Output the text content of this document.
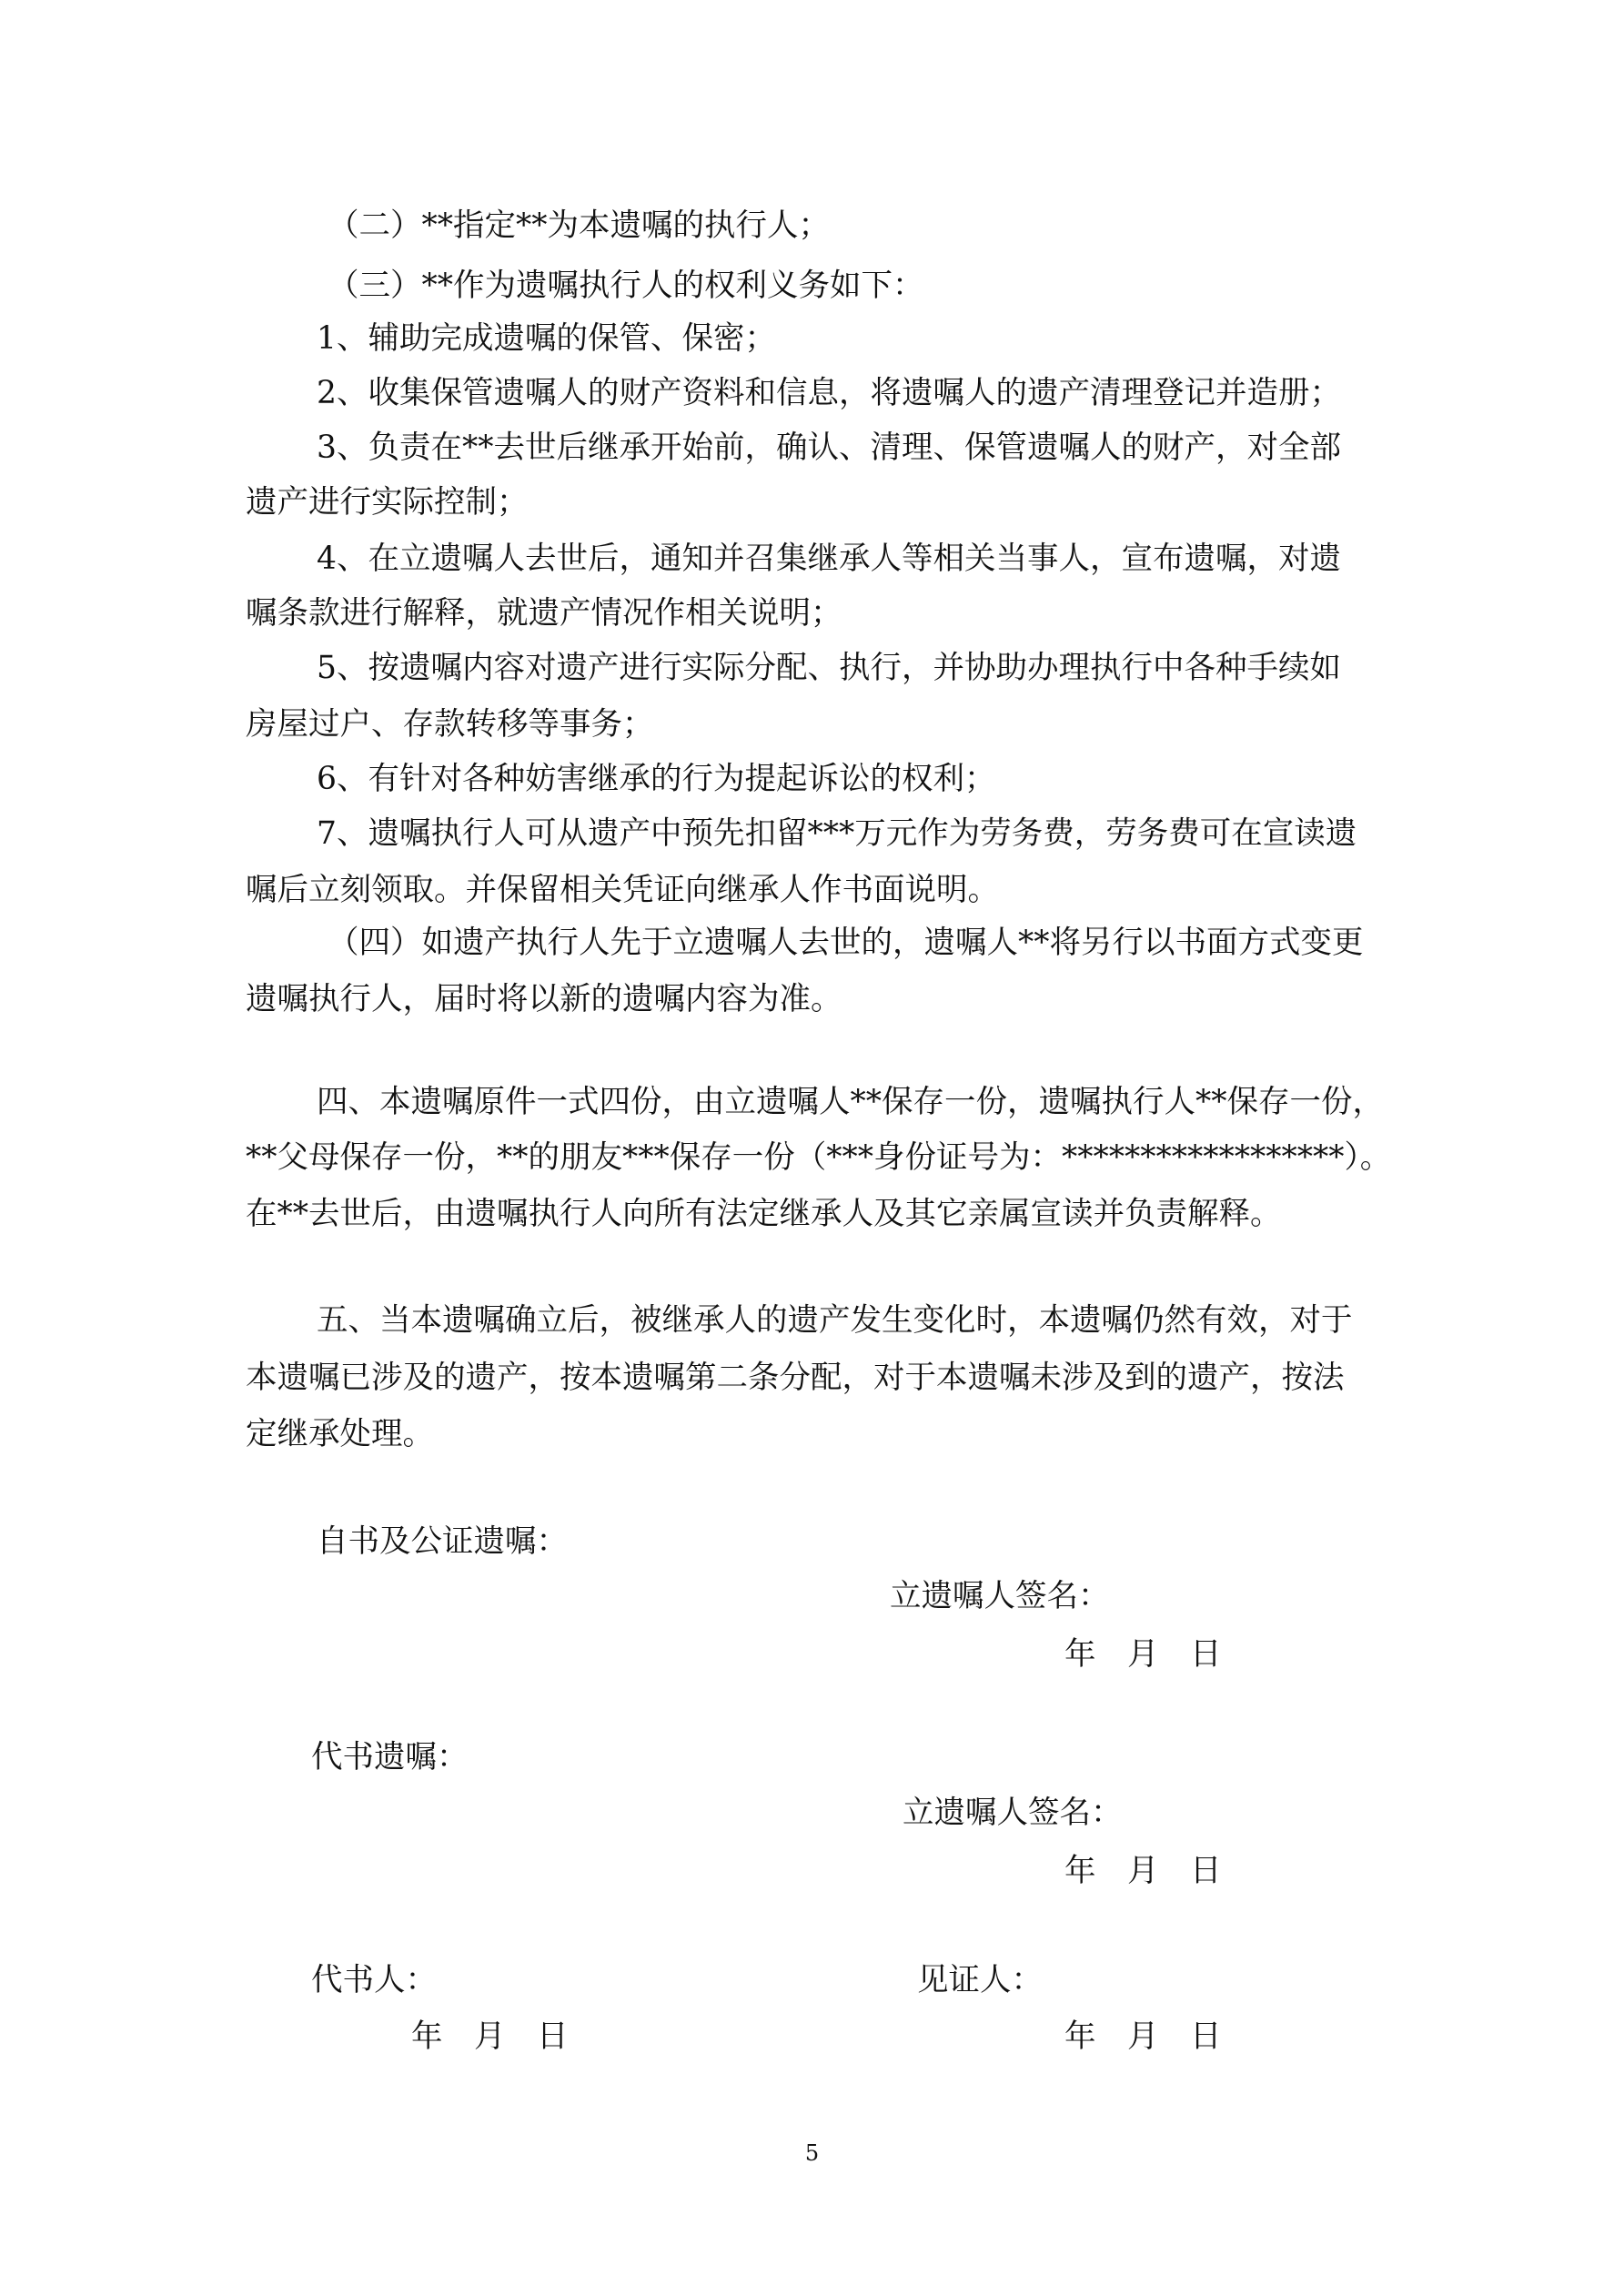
（二）**指定**为本遗嘱的执行人；
（三）**作为遗嘱执行人的权利义务如下：
1、辅助完成遗嘱的保管、保密；
2、收集保管遗嘱人的财产资料和信息，将遗嘱人的遗产清理登记并造册；
3、负责在**去世后继承开始前，确认、清理、保管遗嘱人的财产，对全部
遗产进行实际控制；
4、在立遗嘱人去世后，通知并召集继承人等相关当事人，宣布遗嘱，对遗
嘱条款进行解释，就遗产情况作相关说明；
5、按遗嘱内容对遗产进行实际分配、执行，并协助办理执行中各种手续如
房屋过户、存款转移等事务；
6、有针对各种妨害继承的行为提起诉讼的权利；
7、遗嘱执行人可从遗产中预先扣留***万元作为劳务费，劳务费可在宣读遗
嘱后立刻领取。并保留相关凭证向继承人作书面说明。
（四）如遗产执行人先于立遗嘱人去世的，遗嘱人**将另行以书面方式变更
遗嘱执行人，届时将以新的遗嘱内容为准。
四、本遗嘱原件一式四份，由立遗嘱人**保存一份，遗嘱执行人**保存一份，
**父母保存一份，**的朋友***保存一份（***身份证号为：******************）。
在**去世后，由遗嘱执行人向所有法定继承人及其它亲属宣读并负责解释。
五、当本遗嘱确立后，被继承人的遗产发生变化时，本遗嘱仍然有效，对于
本遗嘱已涉及的遗产，按本遗嘱第二条分配，对于本遗嘱未涉及到的遗产，按法
定继承处理。
自书及公证遗嘱：
立遗嘱人签名：
年　月　日
代书遗嘱：
立遗嘱人签名：
年　月　日
代书人：
年　月　日
见证人：
年　月　日
5
